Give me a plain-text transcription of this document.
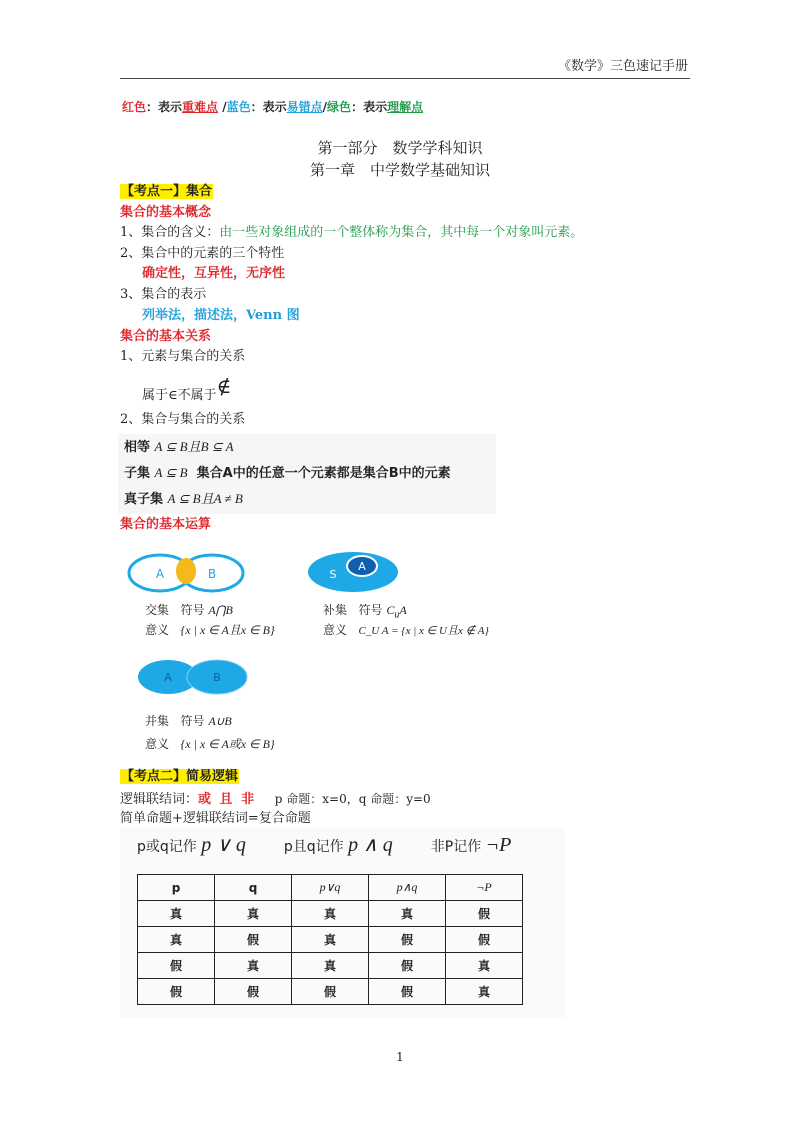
《数学》三色速记手册
红色：表示重难点 /蓝色：表示易错点/绿色：表示理解点
第一部分　数学学科知识
第一章　中学数学基础知识
【考点一】集合
集合的基本概念
1、集合的含义：由一些对象组成的一个整体称为集合，其中每一个对象叫元素。
2、集合中的元素的三个特性
确定性，互异性，无序性
3、集合的表示
列举法，描述法，Venn 图
集合的基本关系
1、元素与集合的关系
属于∈不属于∉
2、集合与集合的关系
相等 A ⊆ B且B ⊆ A
子集 A ⊆ B 集合A中的任意一个元素都是集合B中的元素
真子集 A ⊆ B且A ≠ B
集合的基本运算
A	B	S
A
交集 符号 A⋂B
意义 {x | x ∈ A且x ∈ B}
补集 符号 $C_uA$
意义 C_U A = {x | x ∈ U且x ∉ A}
A	B
并集 符号 A∪B
意义 {x | x ∈ A或x ∈ B}
【考点二】简易逻辑
逻辑联结词：或 且 非 p 命题：x=0，q 命题：y=0
简单命题+逻辑联结词=复合命题
p或q记作 p ∨ q	p且q记作 p ∧ q	非P记作 ¬P
p	q	p∨q	p∧q	¬P
真	真	真	真	假
真	假	真	假	假
假	真	真	假	真
假	假	假	假	真
1
